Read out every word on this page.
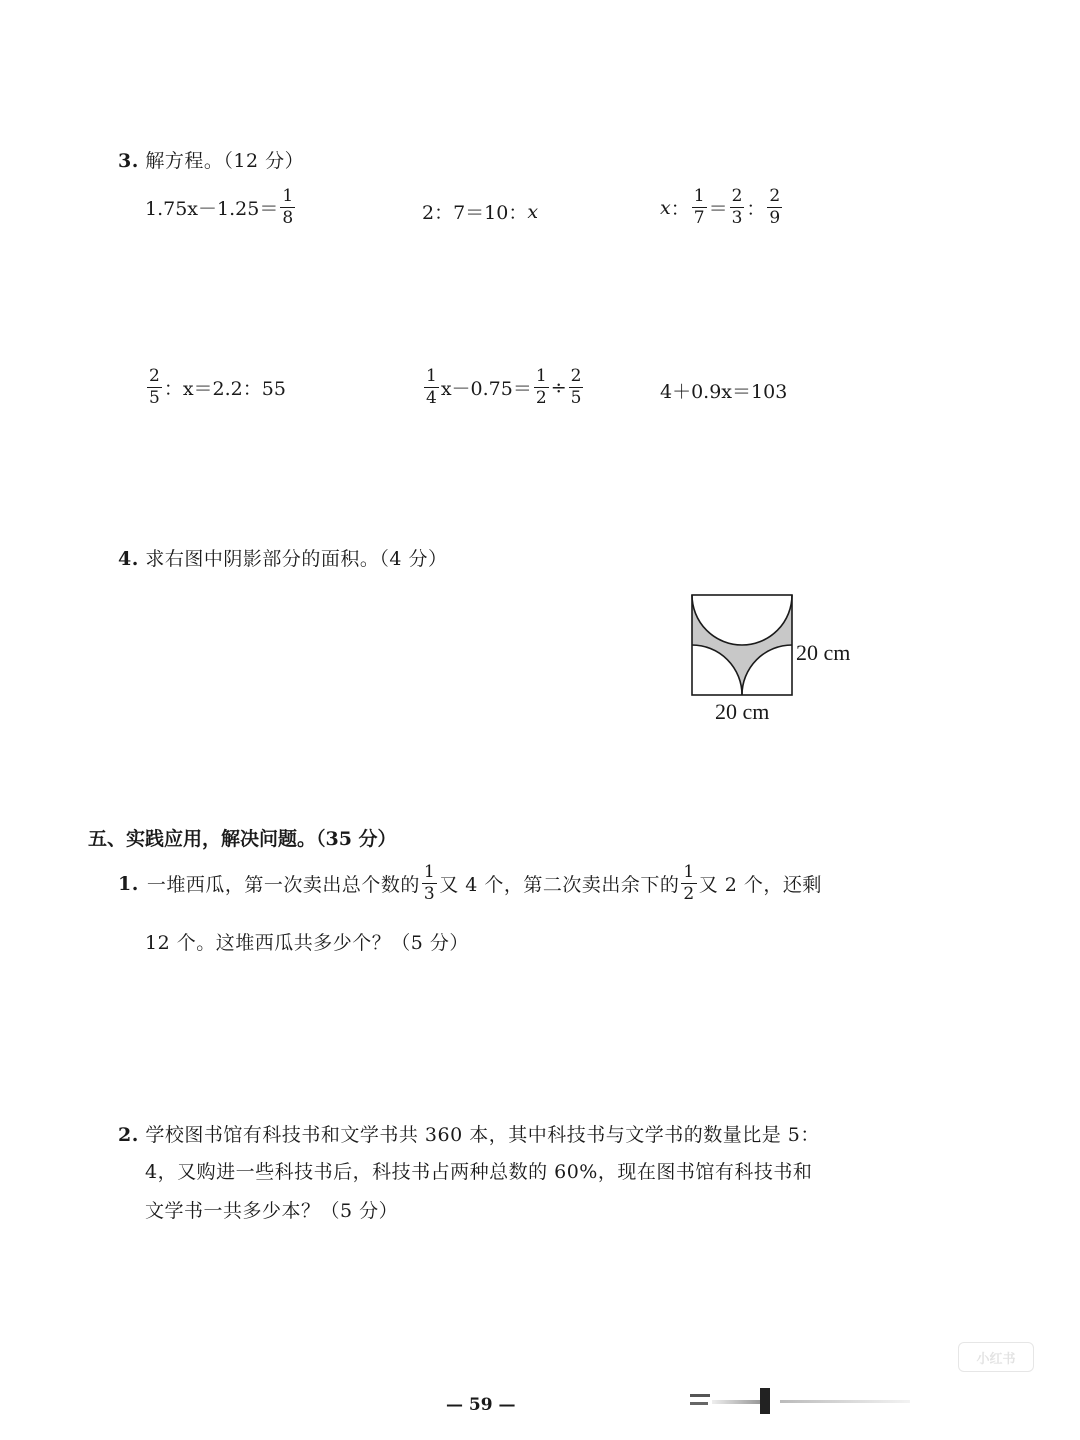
3. 解方程。（12 分）
$1.75x-1.25= \frac{1}{8}$	2：7＝10： x	x ： $\frac{1}{7} = \frac{2}{3}$ ： $\frac{2}{9}$
$\frac{2}{5}$ ：x＝2.2：55	$\frac{1}{4} x-0.75= \frac{1}{2} \div \frac{2}{5}$	4＋0.9x＝103
4. 求右图中阴影部分的面积。（4 分）
20 cm
20 cm
五、实践应用，解决问题。（35 分）
1. 一堆西瓜，第一次卖出总个数的 $\frac{1}{3}$ 又 4 个，第二次卖出余下的 $\frac{1}{2}$ 又 2 个，还剩
12 个。这堆西瓜共多少个？（5 分）
2. 学校图书馆有科技书和文学书共 360 本，其中科技书与文学书的数量比是 5：
4，又购进一些科技书后，科技书占两种总数的 60%，现在图书馆有科技书和
文学书一共多少本？（5 分）
— 59 —
小红书
